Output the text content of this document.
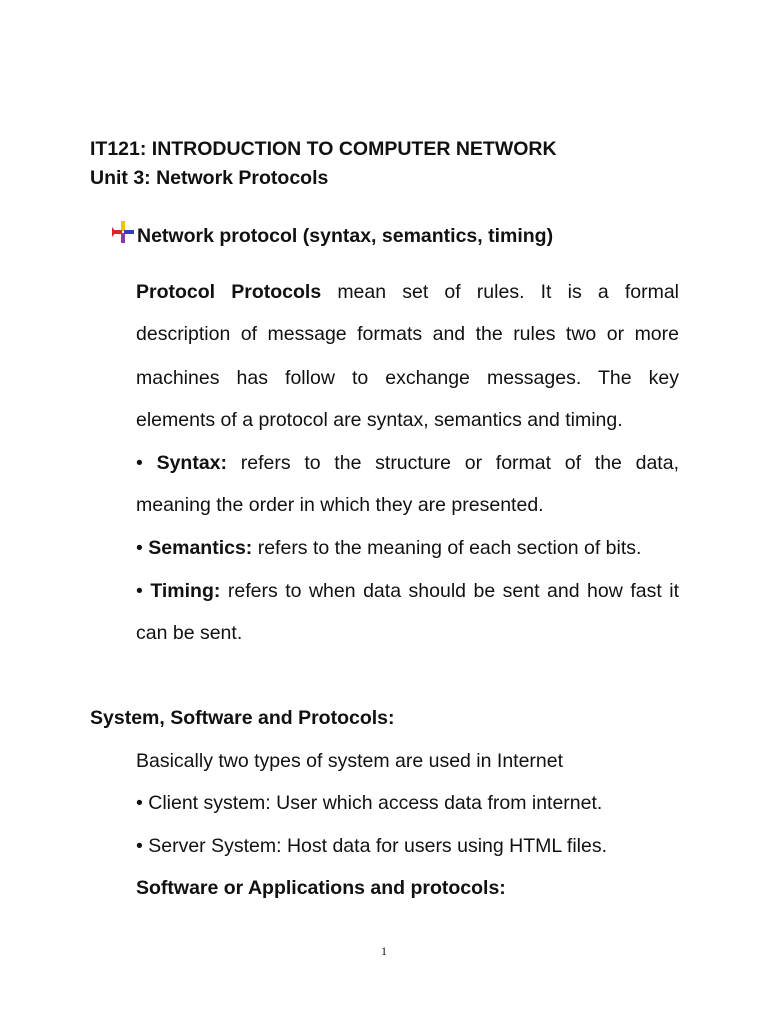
IT121: INTRODUCTION TO COMPUTER NETWORK
Unit 3: Network Protocols
Network protocol (syntax, semantics, timing)
Protocol Protocols mean set of rules. It is a formal
description of message formats and the rules two or more
machines has follow to exchange messages. The key
elements of a protocol are syntax, semantics and timing.
• Syntax: refers to the structure or format of the data,
meaning the order in which they are presented.
• Semantics: refers to the meaning of each section of bits.
• Timing: refers to when data should be sent and how fast it
can be sent.
System, Software and Protocols:
Basically two types of system are used in Internet
• Client system: User which access data from internet.
• Server System: Host data for users using HTML files.
Software or Applications and protocols:
1
